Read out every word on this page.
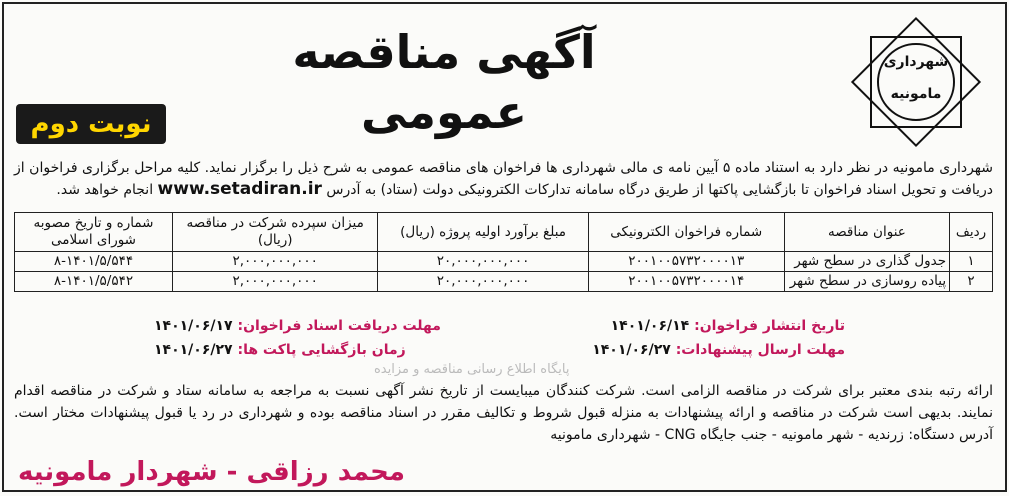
شهرداری
مامونیه
آگهی مناقصه عمومی
نوبت دوم
شهرداری مامونیه در نظر دارد به استناد ماده ۵ آیین نامه ی مالی شهرداری ها فراخوان های مناقصه عمومی به شرح ذیل را برگزار نماید. کلیه مراحل برگزاری فراخوان از دریافت و تحویل اسناد فراخوان تا بازگشایی پاکتها از طریق درگاه سامانه تدارکات الکترونیکی دولت (ستاد) به آدرس www.setadiran.ir انجام خواهد شد.
ردیف	عنوان مناقصه	شماره فراخوان الکترونیکی	مبلغ برآورد اولیه پروژه (ریال)	میزان سپرده شرکت در مناقصه (ریال)	شماره و تاریخ مصوبه شورای اسلامی
۱	جدول گذاری در سطح شهر	۲۰۰۱۰۰۵۷۳۲۰۰۰۰۱۳	۲۰,۰۰۰,۰۰۰,۰۰۰	۲,۰۰۰,۰۰۰,۰۰۰	۸-۱۴۰۱/۵/۵۴۴
۲	پیاده روسازی در سطح شهر	۲۰۰۱۰۰۵۷۳۲۰۰۰۰۱۴	۲۰,۰۰۰,۰۰۰,۰۰۰	۲,۰۰۰,۰۰۰,۰۰۰	۸-۱۴۰۱/۵/۵۴۲
تاریخ انتشار فراخوان: ۱۴۰۱/۰۶/۱۴
مهلت دریافت اسناد فراخوان: ۱۴۰۱/۰۶/۱۷
مهلت ارسال پیشنهادات: ۱۴۰۱/۰۶/۲۷
زمان بازگشایی پاکت ها: ۱۴۰۱/۰۶/۲۷
پایگاه اطلاع رسانی مناقصه و مزایده
ارائه رتبه بندی معتبر برای شرکت در مناقصه الزامی است. شرکت کنندگان میبایست از تاریخ نشر آگهی نسبت به مراجعه به سامانه ستاد و شرکت در مناقصه اقدام نمایند. بدیهی است شرکت در مناقصه و ارائه پیشنهادات به منزله قبول شروط و تکالیف مقرر در اسناد مناقصه بوده و شهرداری در رد یا قبول پیشنهادات مختار است. آدرس دستگاه: زرندیه - شهر مامونیه - جنب جایگاه CNG - شهرداری مامونیه
محمد رزاقی - شهردار مامونیه
